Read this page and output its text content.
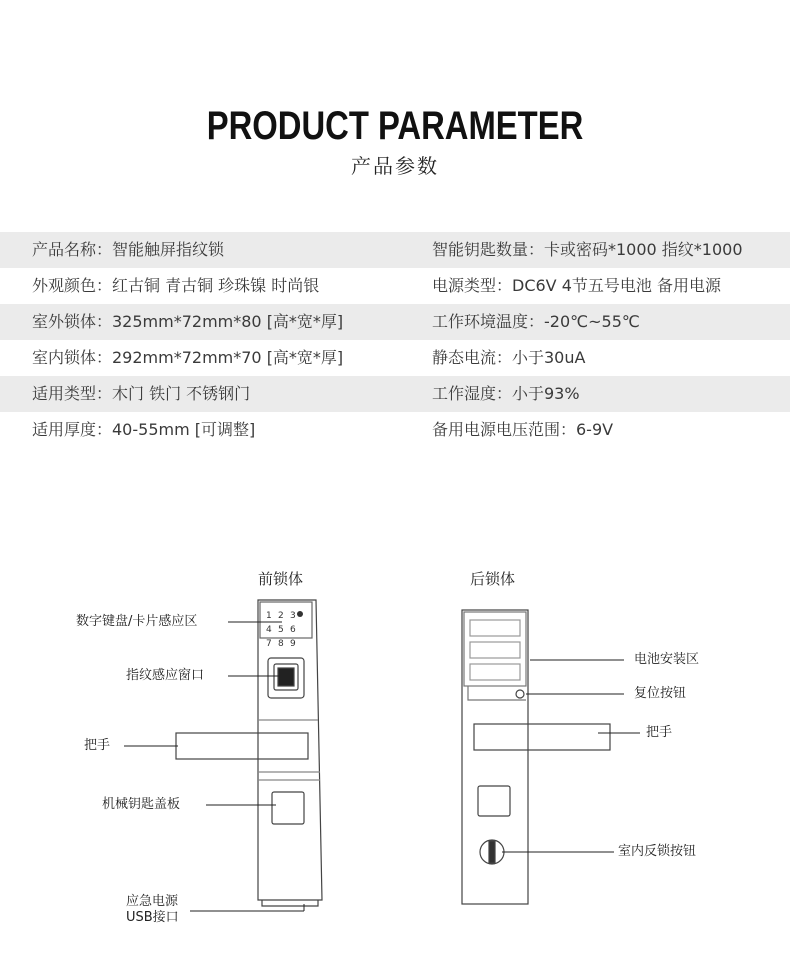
PRODUCT PARAMETER
产品参数
产品名称：智能触屏指纹锁	智能钥匙数量：卡或密码*1000 指纹*1000
外观颜色：红古铜 青古铜 珍珠镍 时尚银	电源类型：DC6V 4节五号电池 备用电源
室外锁体：325mm*72mm*80 [高*宽*厚]	工作环境温度：-20℃~55℃
室内锁体：292mm*72mm*70 [高*宽*厚]	静态电流：小于30uA
适用类型：木门 铁门 不锈钢门	工作湿度：小于93%
适用厚度：40-55mm [可调整]	备用电源电压范围：6-9V
1 2 3
4 5 6
7 8 9
前锁体	后锁体
数字键盘/卡片感应区
指纹感应窗口
把手
机械钥匙盖板
应急电源
USB接口
电池安装区
复位按钮
把手
室内反锁按钮
